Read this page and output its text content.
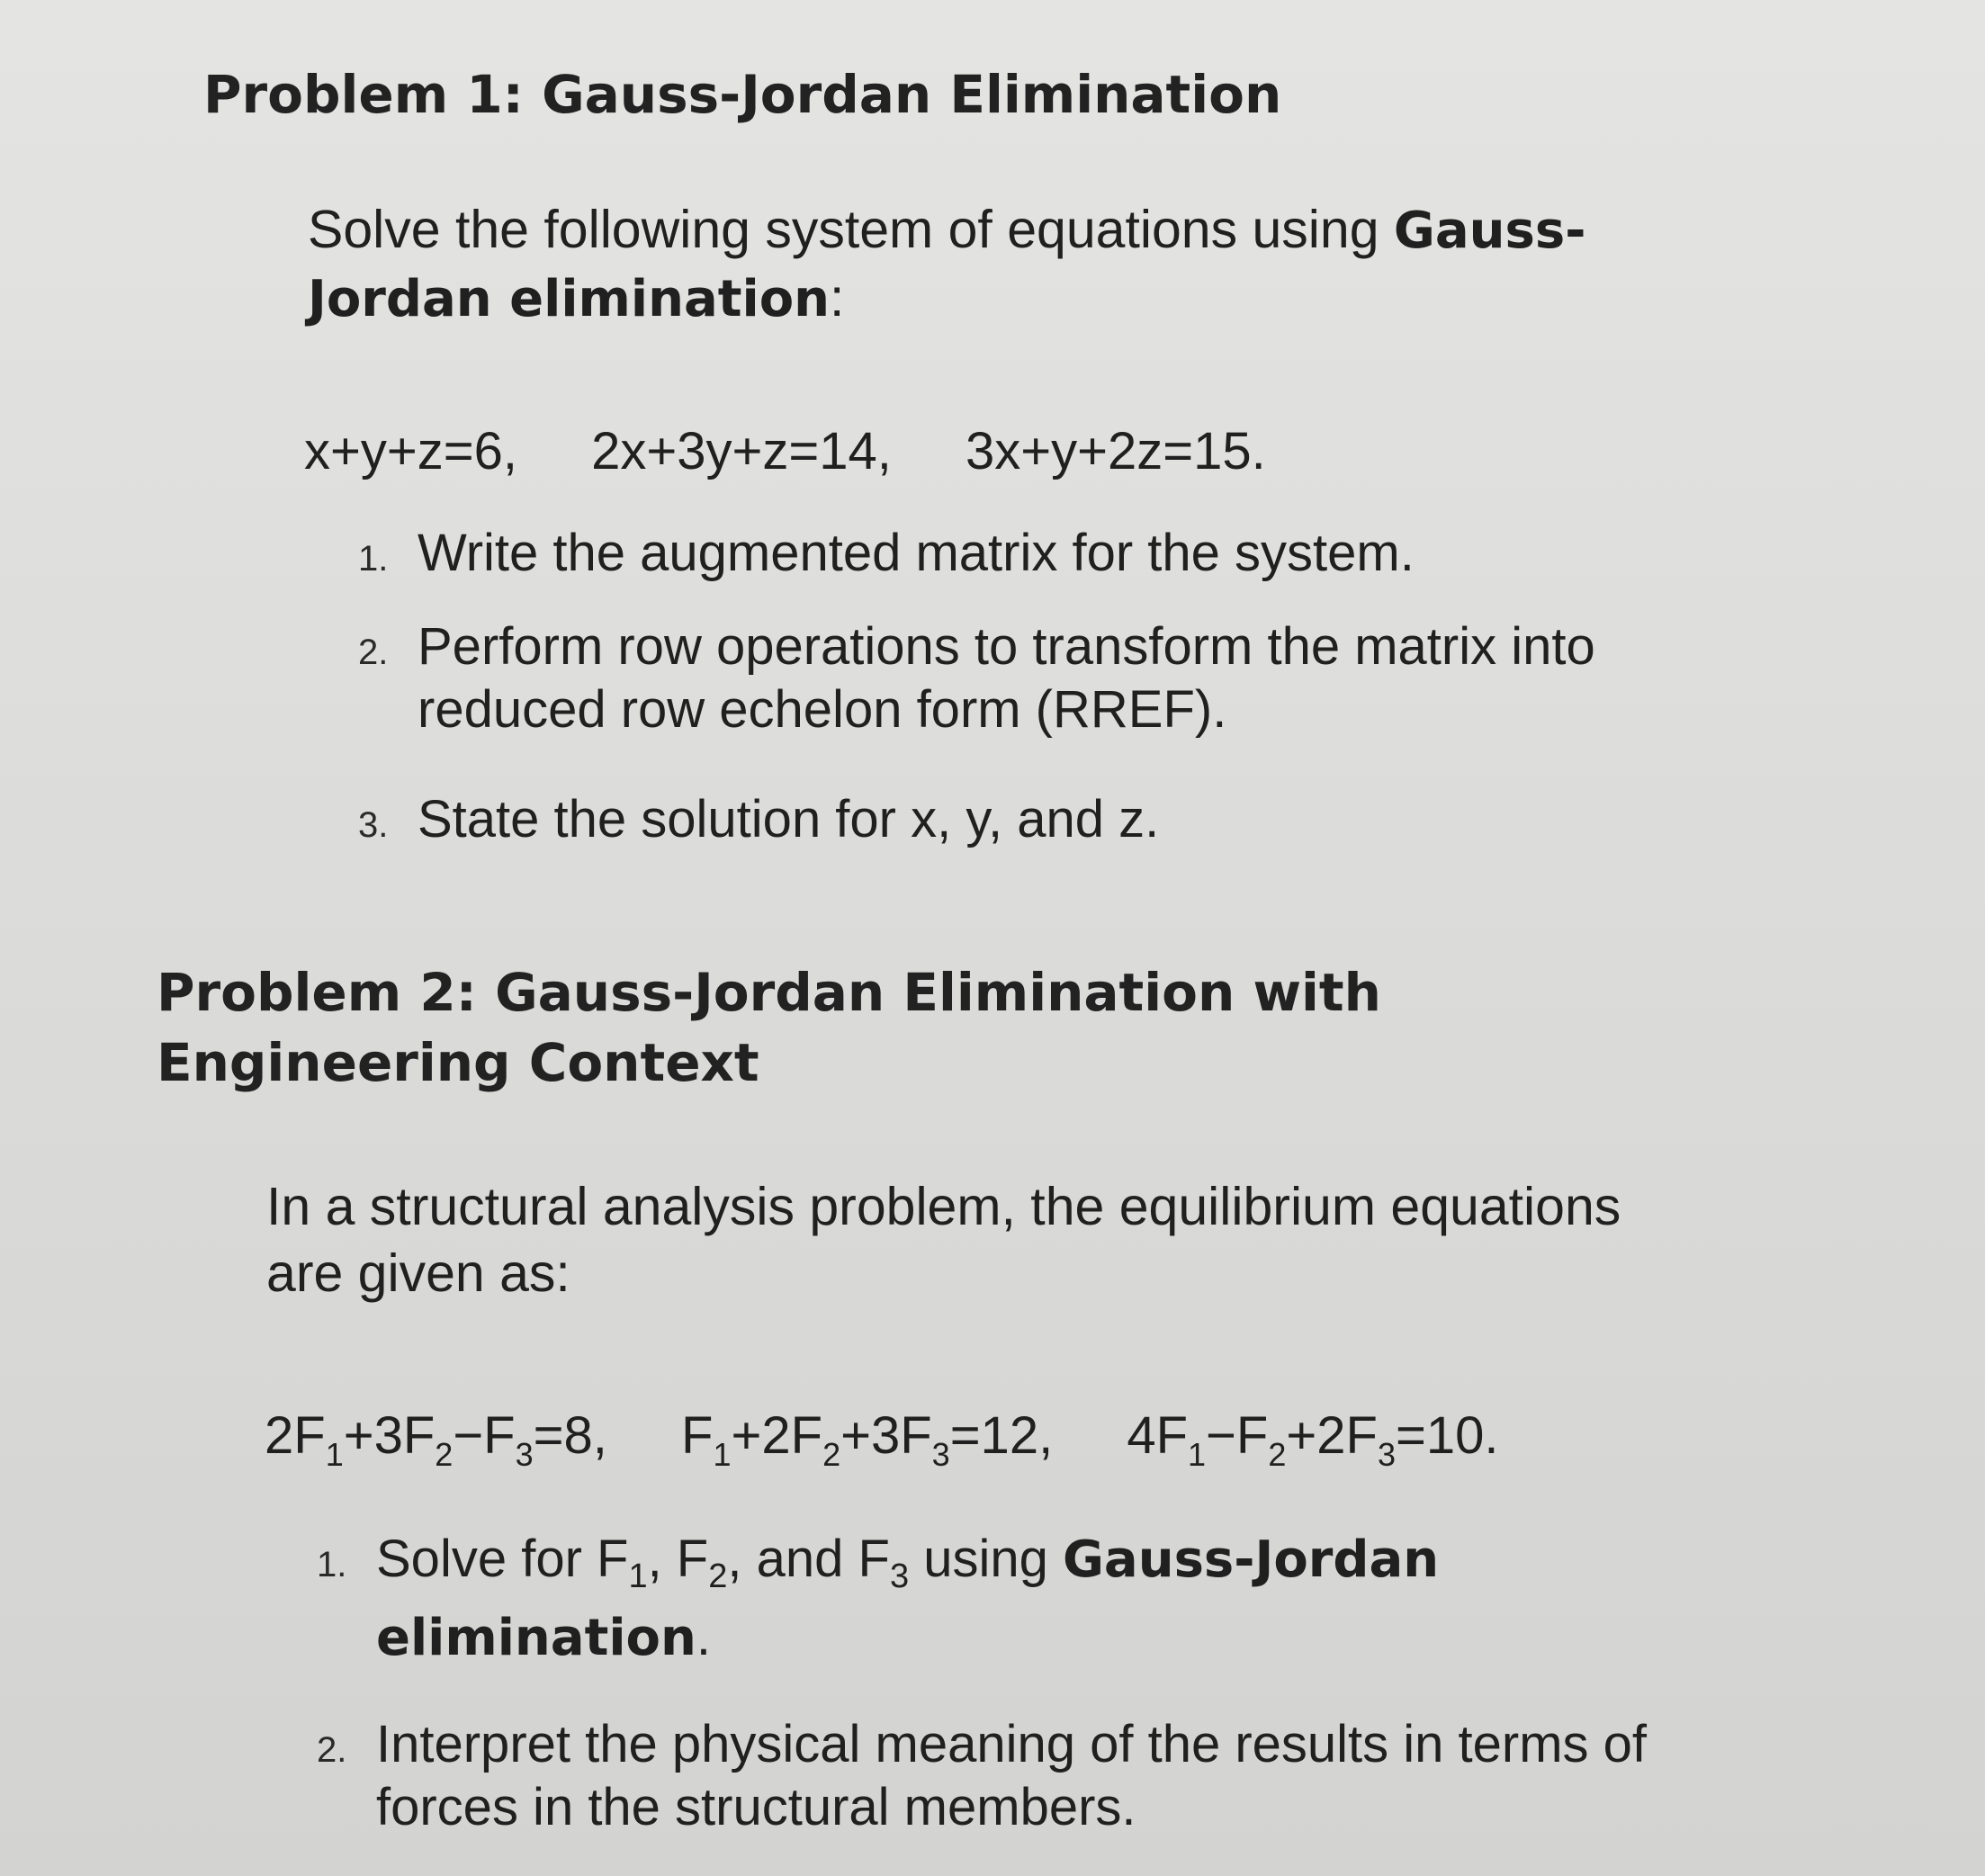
Problem 1: Gauss-Jordan Elimination

Solve the following system of equations using Gauss-Jordan elimination:

x+y+z=6, 2x+3y+z=14, 3x+y+2z=15.
1. Write the augmented matrix for the system.
2. Perform row operations to transform the matrix into reduced row echelon form (RREF).
3. State the solution for x, y, and z.
Problem 2: Gauss-Jordan Elimination with Engineering Context

In a structural analysis problem, the equilibrium equations are given as:

$2F_1+3F_2-F_3=8$, $F_1+2F_2+3F_3=12$, $4F_1-F_2+2F_3=10$.
1. Solve for $F_1$, $F_2$, and $F_3$ using Gauss-Jordan elimination.
2. Interpret the physical meaning of the results in terms of forces in the structural members.
